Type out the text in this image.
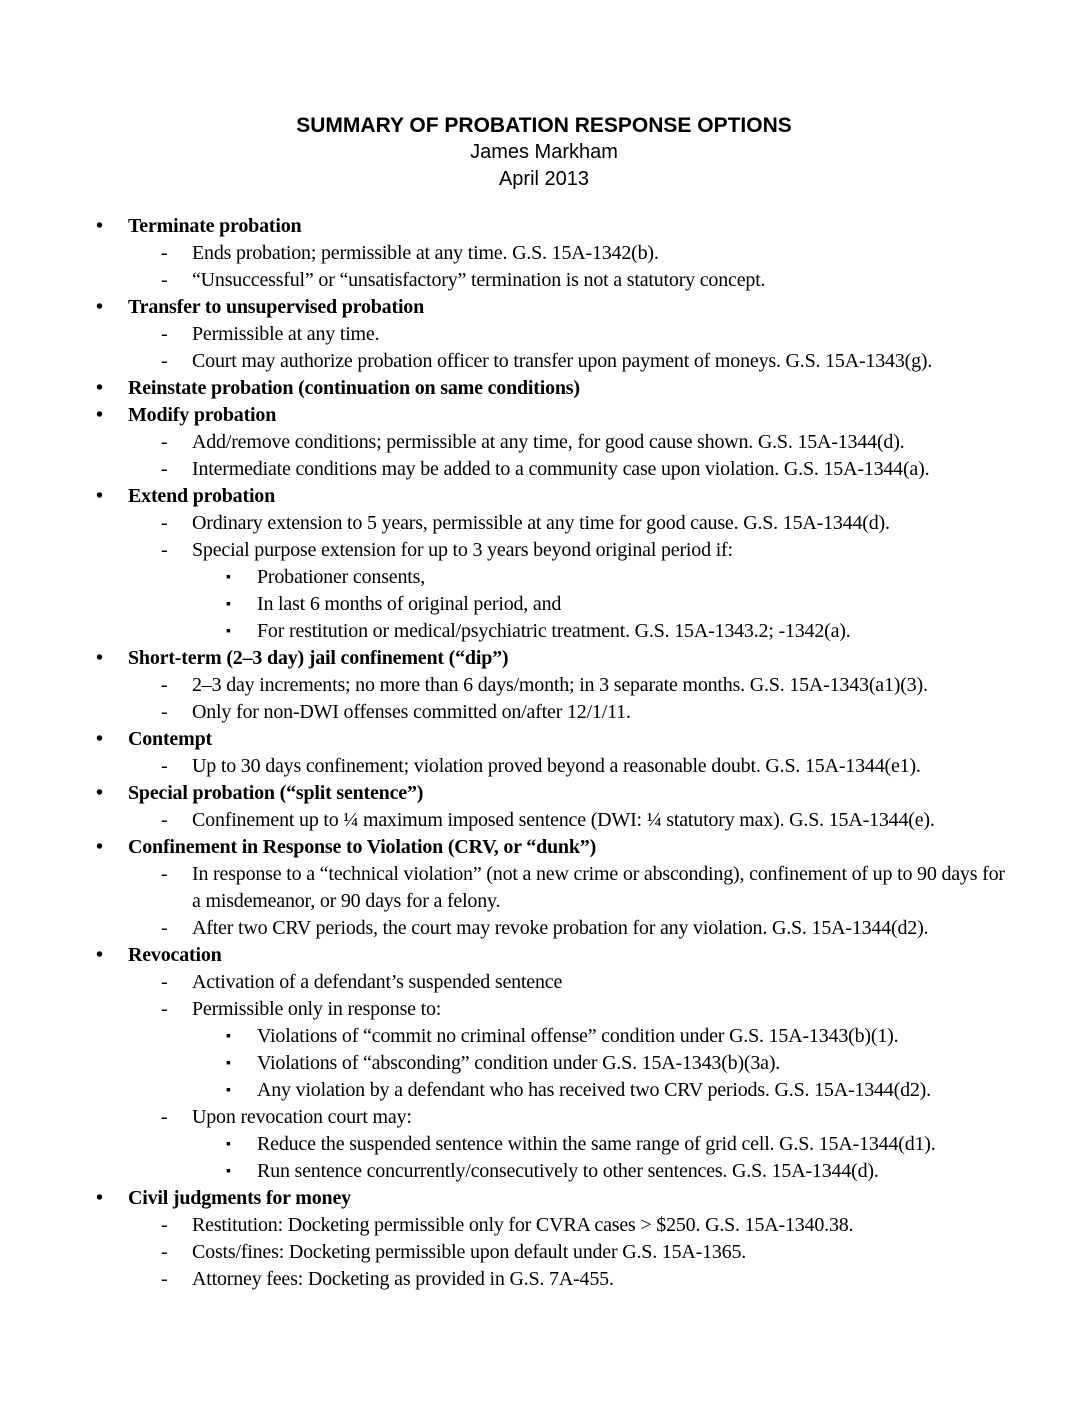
SUMMARY OF PROBATION RESPONSE OPTIONS
James Markham
April 2013
• Terminate probation
- Ends probation; permissible at any time. G.S. 15A-1342(b).
- “Unsuccessful” or “unsatisfactory” termination is not a statutory concept.
• Transfer to unsupervised probation
- Permissible at any time.
- Court may authorize probation officer to transfer upon payment of moneys. G.S. 15A-1343(g).
• Reinstate probation (continuation on same conditions)
• Modify probation
- Add/remove conditions; permissible at any time, for good cause shown. G.S. 15A-1344(d).
- Intermediate conditions may be added to a community case upon violation. G.S. 15A-1344(a).
• Extend probation
- Ordinary extension to 5 years, permissible at any time for good cause. G.S. 15A-1344(d).
- Special purpose extension for up to 3 years beyond original period if:
▪ Probationer consents,
▪ In last 6 months of original period, and
▪ For restitution or medical/psychiatric treatment. G.S. 15A-1343.2; -1342(a).
• Short-term (2–3 day) jail confinement (“dip”)
- 2–3 day increments; no more than 6 days/month; in 3 separate months. G.S. 15A-1343(a1)(3).
- Only for non-DWI offenses committed on/after 12/1/11.
• Contempt
- Up to 30 days confinement; violation proved beyond a reasonable doubt. G.S. 15A-1344(e1).
• Special probation (“split sentence”)
- Confinement up to ¼ maximum imposed sentence (DWI: ¼ statutory max). G.S. 15A-1344(e).
• Confinement in Response to Violation (CRV, or “dunk”)
- In response to a “technical violation” (not a new crime or absconding), confinement of up to 90 days for a misdemeanor, or 90 days for a felony.
- After two CRV periods, the court may revoke probation for any violation. G.S. 15A-1344(d2).
• Revocation
- Activation of a defendant’s suspended sentence
- Permissible only in response to:
▪ Violations of “commit no criminal offense” condition under G.S. 15A-1343(b)(1).
▪ Violations of “absconding” condition under G.S. 15A-1343(b)(3a).
▪ Any violation by a defendant who has received two CRV periods. G.S. 15A-1344(d2).
- Upon revocation court may:
▪ Reduce the suspended sentence within the same range of grid cell. G.S. 15A-1344(d1).
▪ Run sentence concurrently/consecutively to other sentences. G.S. 15A-1344(d).
• Civil judgments for money
- Restitution: Docketing permissible only for CVRA cases > $250. G.S. 15A-1340.38.
- Costs/fines: Docketing permissible upon default under G.S. 15A-1365.
- Attorney fees: Docketing as provided in G.S. 7A-455.
